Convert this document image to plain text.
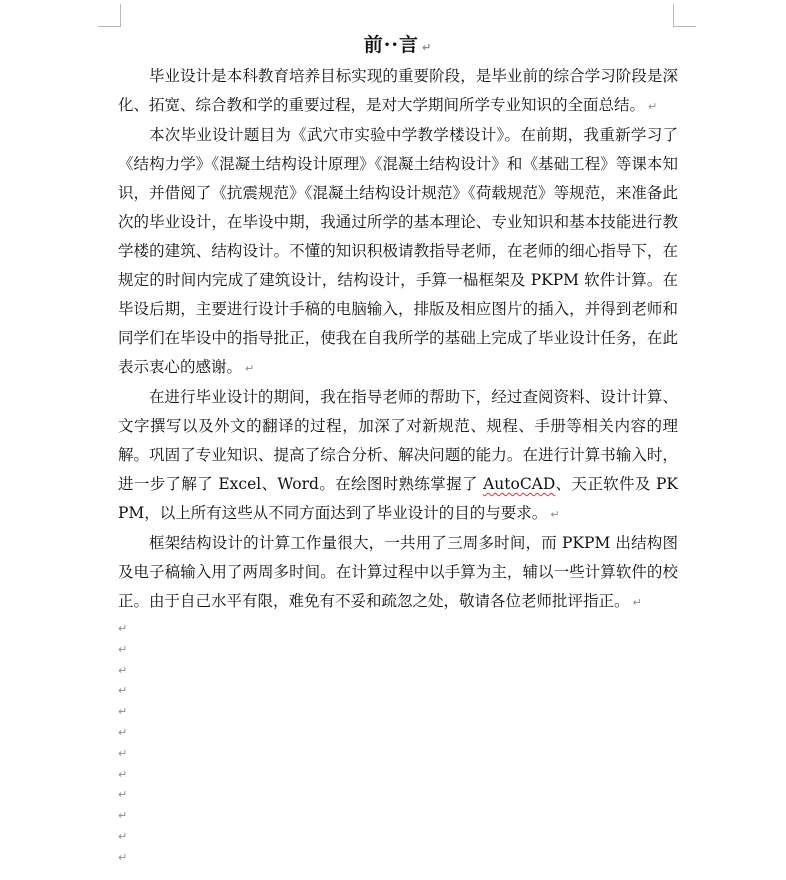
前··言 ↵

毕业设计是本科教育培养目标实现的重要阶段，是毕业前的综合学习阶段是深化、拓宽、综合教和学的重要过程，是对大学期间所学专业知识的全面总结。 ↵

本次毕业设计题目为《武穴市实验中学教学楼设计》。在前期，我重新学习了《结构力学》《混凝土结构设计原理》《混凝土结构设计》和《基础工程》等课本知识，并借阅了《抗震规范》《混凝土结构设计规范》《荷载规范》等规范，来准备此次的毕业设计，在毕设中期，我通过所学的基本理论、专业知识和基本技能进行教学楼的建筑、结构设计。不懂的知识积极请教指导老师，在老师的细心指导下，在规定的时间内完成了建筑设计，结构设计，手算一榀框架及 PKPM 软件计算。在毕设后期，主要进行设计手稿的电脑输入，排版及相应图片的插入，并得到老师和同学们在毕设中的指导批正，使我在自我所学的基础上完成了毕业设计任务，在此表示衷心的感谢。 ↵

在进行毕业设计的期间，我在指导老师的帮助下，经过查阅资料、设计计算、文字撰写以及外文的翻译的过程，加深了对新规范、规程、手册等相关内容的理解。巩固了专业知识、提高了综合分析、解决问题的能力。在进行计算书输入时，进一步了解了 Excel、Word。在绘图时熟练掌握了 AutoCAD、天正软件及 PKPM，以上所有这些从不同方面达到了毕业设计的目的与要求。 ↵

框架结构设计的计算工作量很大，一共用了三周多时间，而 PKPM 出结构图及电子稿输入用了两周多时间。在计算过程中以手算为主，辅以一些计算软件的校正。由于自己水平有限，难免有不妥和疏忽之处，敬请各位老师批评指正。 ↵

↵
↵
↵
↵
↵
↵
↵
↵
↵
↵
↵
↵
